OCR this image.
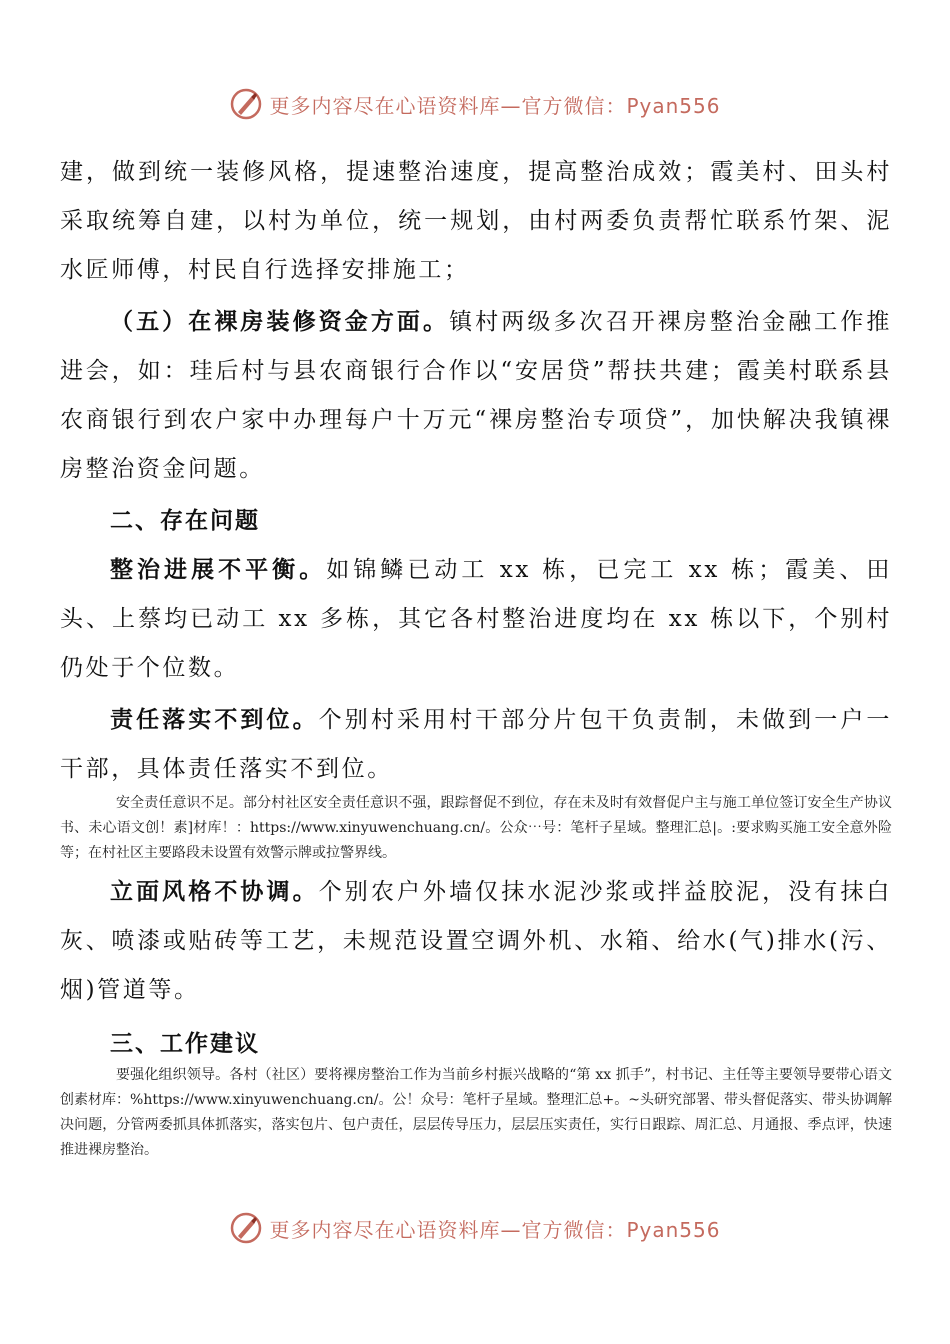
更多内容尽在心语资料库—官方微信：Pyan556

建，做到统一装修风格，提速整治速度，提高整治成效；霞美村、田头村采取统筹自建，以村为单位，统一规划，由村两委负责帮忙联系竹架、泥水匠师傅，村民自行选择安排施工；

（五）在裸房装修资金方面。镇村两级多次召开裸房整治金融工作推进会，如：珪后村与县农商银行合作以“安居贷”帮扶共建；霞美村联系县农商银行到农户家中办理每户十万元“裸房整治专项贷”，加快解决我镇裸房整治资金问题。

二、存在问题

整治进展不平衡。如锦鳞已动工 xx 栋，已完工 xx 栋；霞美、田头、上蔡均已动工 xx 多栋，其它各村整治进度均在 xx 栋以下，个别村仍处于个位数。

责任落实不到位。个别村采用村干部分片包干负责制，未做到一户一干部，具体责任落实不到位。

安全责任意识不足。部分村社区安全责任意识不强，跟踪督促不到位，存在未及时有效督促户主与施工单位签订安全生产协议书、未心语文创！素]材库！：https://www.xinyuwenchuang.cn/。公众⋯号：笔杆子星域。整理汇总|。:要求购买施工安全意外险等；在村社区主要路段未设置有效警示牌或拉警界线。

立面风格不协调。个别农户外墙仅抹水泥沙浆或拌益胶泥，没有抹白灰、喷漆或贴砖等工艺，未规范设置空调外机、水箱、给水(气)排水(污、烟)管道等。

三、工作建议

要强化组织领导。各村（社区）要将裸房整治工作为当前乡村振兴战略的“第 xx 抓手”，村书记、主任等主要领导要带心语文创素材库：%https://www.xinyuwenchuang.cn/。公！众号：笔杆子星域。整理汇总+。~头研究部署、带头督促落实、带头协调解决问题，分管两委抓具体抓落实，落实包片、包户责任，层层传导压力，层层压实责任，实行日跟踪、周汇总、月通报、季点评，快速推进裸房整治。

更多内容尽在心语资料库—官方微信：Pyan556
